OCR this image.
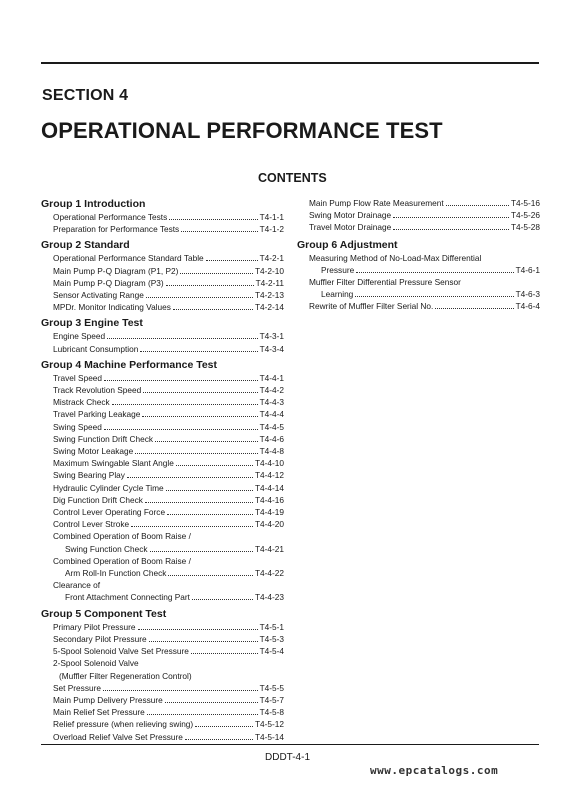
SECTION 4
OPERATIONAL PERFORMANCE TEST
CONTENTS
Group 1 Introduction
Operational Performance Tests	T4-1-1
Preparation for Performance Tests	T4-1-2
Group 2 Standard
Operational Performance Standard Table	T4-2-1
Main Pump P-Q Diagram (P1, P2)	T4-2-10
Main Pump P-Q Diagram (P3)	T4-2-11
Sensor Activating Range	T4-2-13
MPDr. Monitor Indicating Values	T4-2-14
Group 3 Engine Test
Engine Speed	T4-3-1
Lubricant Consumption	T4-3-4
Group 4 Machine Performance Test
Travel Speed	T4-4-1
Track Revolution Speed	T4-4-2
Mistrack Check	T4-4-3
Travel Parking Leakage	T4-4-4
Swing Speed	T4-4-5
Swing Function Drift Check	T4-4-6
Swing Motor Leakage	T4-4-8
Maximum Swingable Slant Angle	T4-4-10
Swing Bearing Play	T4-4-12
Hydraulic Cylinder Cycle Time	T4-4-14
Dig Function Drift Check	T4-4-16
Control Lever Operating Force	T4-4-19
Control Lever Stroke	T4-4-20
Combined Operation of Boom Raise /
Swing Function Check	T4-4-21
Combined Operation of Boom Raise /
Arm Roll-In Function Check	T4-4-22
Clearance of
Front Attachment Connecting Part	T4-4-23
Group 5 Component Test
Primary Pilot Pressure	T4-5-1
Secondary Pilot Pressure	T4-5-3
5-Spool Solenoid Valve Set Pressure	T4-5-4
2-Spool Solenoid Valve
(Muffler Filter Regeneration Control)
Set Pressure	T4-5-5
Main Pump Delivery Pressure	T4-5-7
Main Relief Set Pressure	T4-5-8
Relief pressure (when relieving swing)	T4-5-12
Overload Relief Valve Set Pressure	T4-5-14
Main Pump Flow Rate Measurement	T4-5-16
Swing Motor Drainage	T4-5-26
Travel Motor Drainage	T4-5-28
Group 6 Adjustment
Measuring Method of No-Load-Max Differential
Pressure	T4-6-1
Muffler Filter Differential Pressure Sensor
Learning	T4-6-3
Rewrite of Muffler Filter Serial No.	T4-6-4
DDDT-4-1
www.epcatalogs.com
